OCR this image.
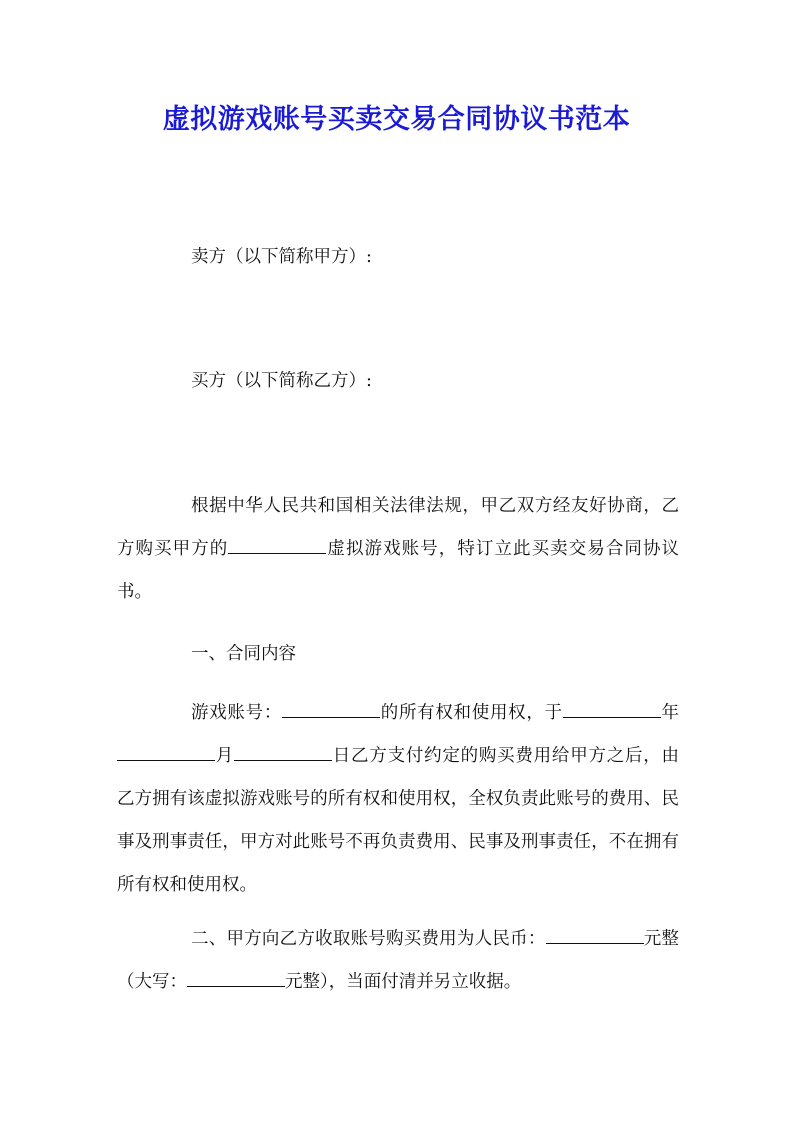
虚拟游戏账号买卖交易合同协议书范本

卖方（以下简称甲方）:

买方（以下简称乙方）:

根据中华人民共和国相关法律法规，甲乙双方经友好协商，乙方购买甲方的	虚拟游戏账号，特订立此买卖交易合同协议书。

一、合同内容

游戏账号：	的所有权和使用权，于	年月	日乙方支付约定的购买费用给甲方之后，由乙方拥有该虚拟游戏账号的所有权和使用权，全权负责此账号的费用、民事及刑事责任，甲方对此账号不再负责费用、民事及刑事责任，不在拥有所有权和使用权。

二、甲方向乙方收取账号购买费用为人民币：	元整（大写：	元整），当面付清并另立收据。
